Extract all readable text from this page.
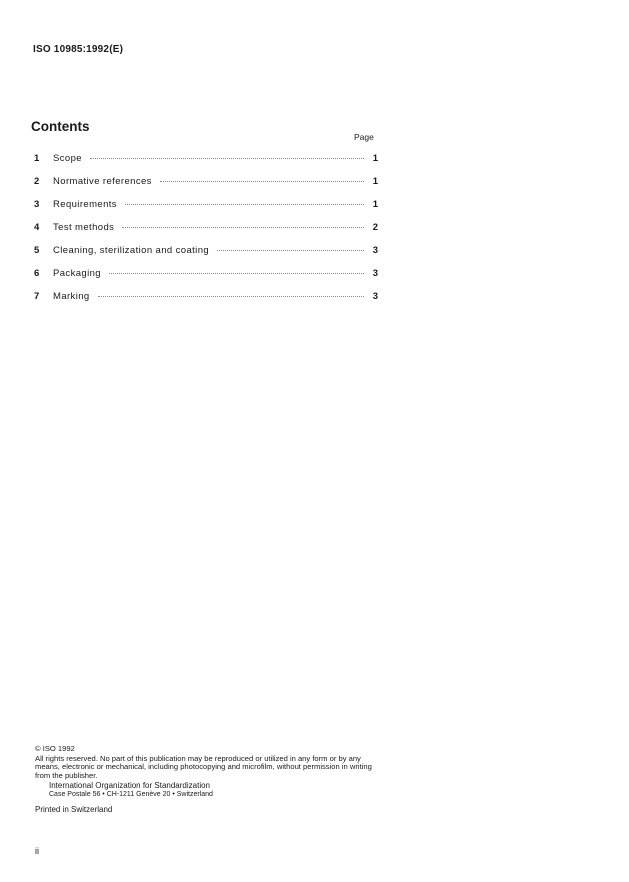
ISO 10985:1992(E)
Contents
Page
1	Scope	1
2	Normative references	1
3	Requirements	1
4	Test methods	2
5	Cleaning, sterilization and coating	3
6	Packaging	3
7	Marking	3

© ISO 1992

All rights reserved. No part of this publication may be reproduced or utilized in any form or by any means, electronic or mechanical, including photocopying and microfilm, without permission in writing from the publisher.

International Organization for Standardization

Case Postale 56 • CH-1211 Genève 20 • Switzerland

Printed in Switzerland

ii
